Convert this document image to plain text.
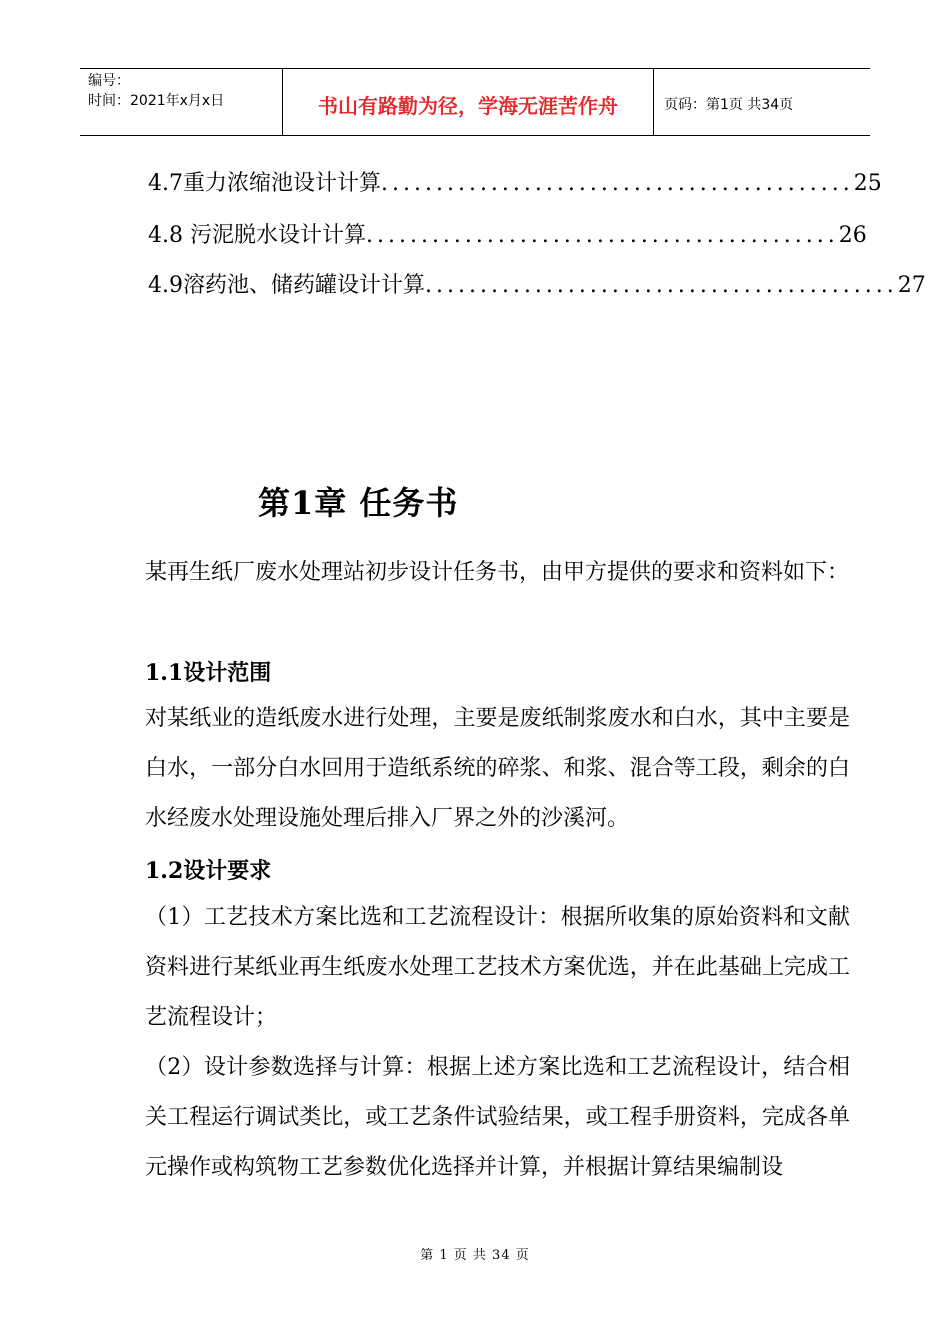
编号：
时间：2021年x月x日	书山有路勤为径，学海无涯苦作舟	页码：第1页 共34页
4.7重力浓缩池设计计算 ........................................... 25
4.8 污泥脱水设计计算 ........................................... 26
4.9溶药池、储药罐设计计算 ........................................... 27
第1章 任务书
某再生纸厂废水处理站初步设计任务书，由甲方提供的要求和资料如下：
1.1设计范围
对某纸业的造纸废水进行处理，主要是废纸制浆废水和白水，其中主要是白水，一部分白水回用于造纸系统的碎浆、和浆、混合等工段，剩余的白水经废水处理设施处理后排入厂界之外的沙溪河。
1.2设计要求
（1）工艺技术方案比选和工艺流程设计：根据所收集的原始资料和文献资料进行某纸业再生纸废水处理工艺技术方案优选，并在此基础上完成工艺流程设计；
（2）设计参数选择与计算：根据上述方案比选和工艺流程设计，结合相关工程运行调试类比，或工艺条件试验结果，或工程手册资料，完成各单元操作或构筑物工艺参数优化选择并计算，并根据计算结果编制设
第 1 页 共 34 页
